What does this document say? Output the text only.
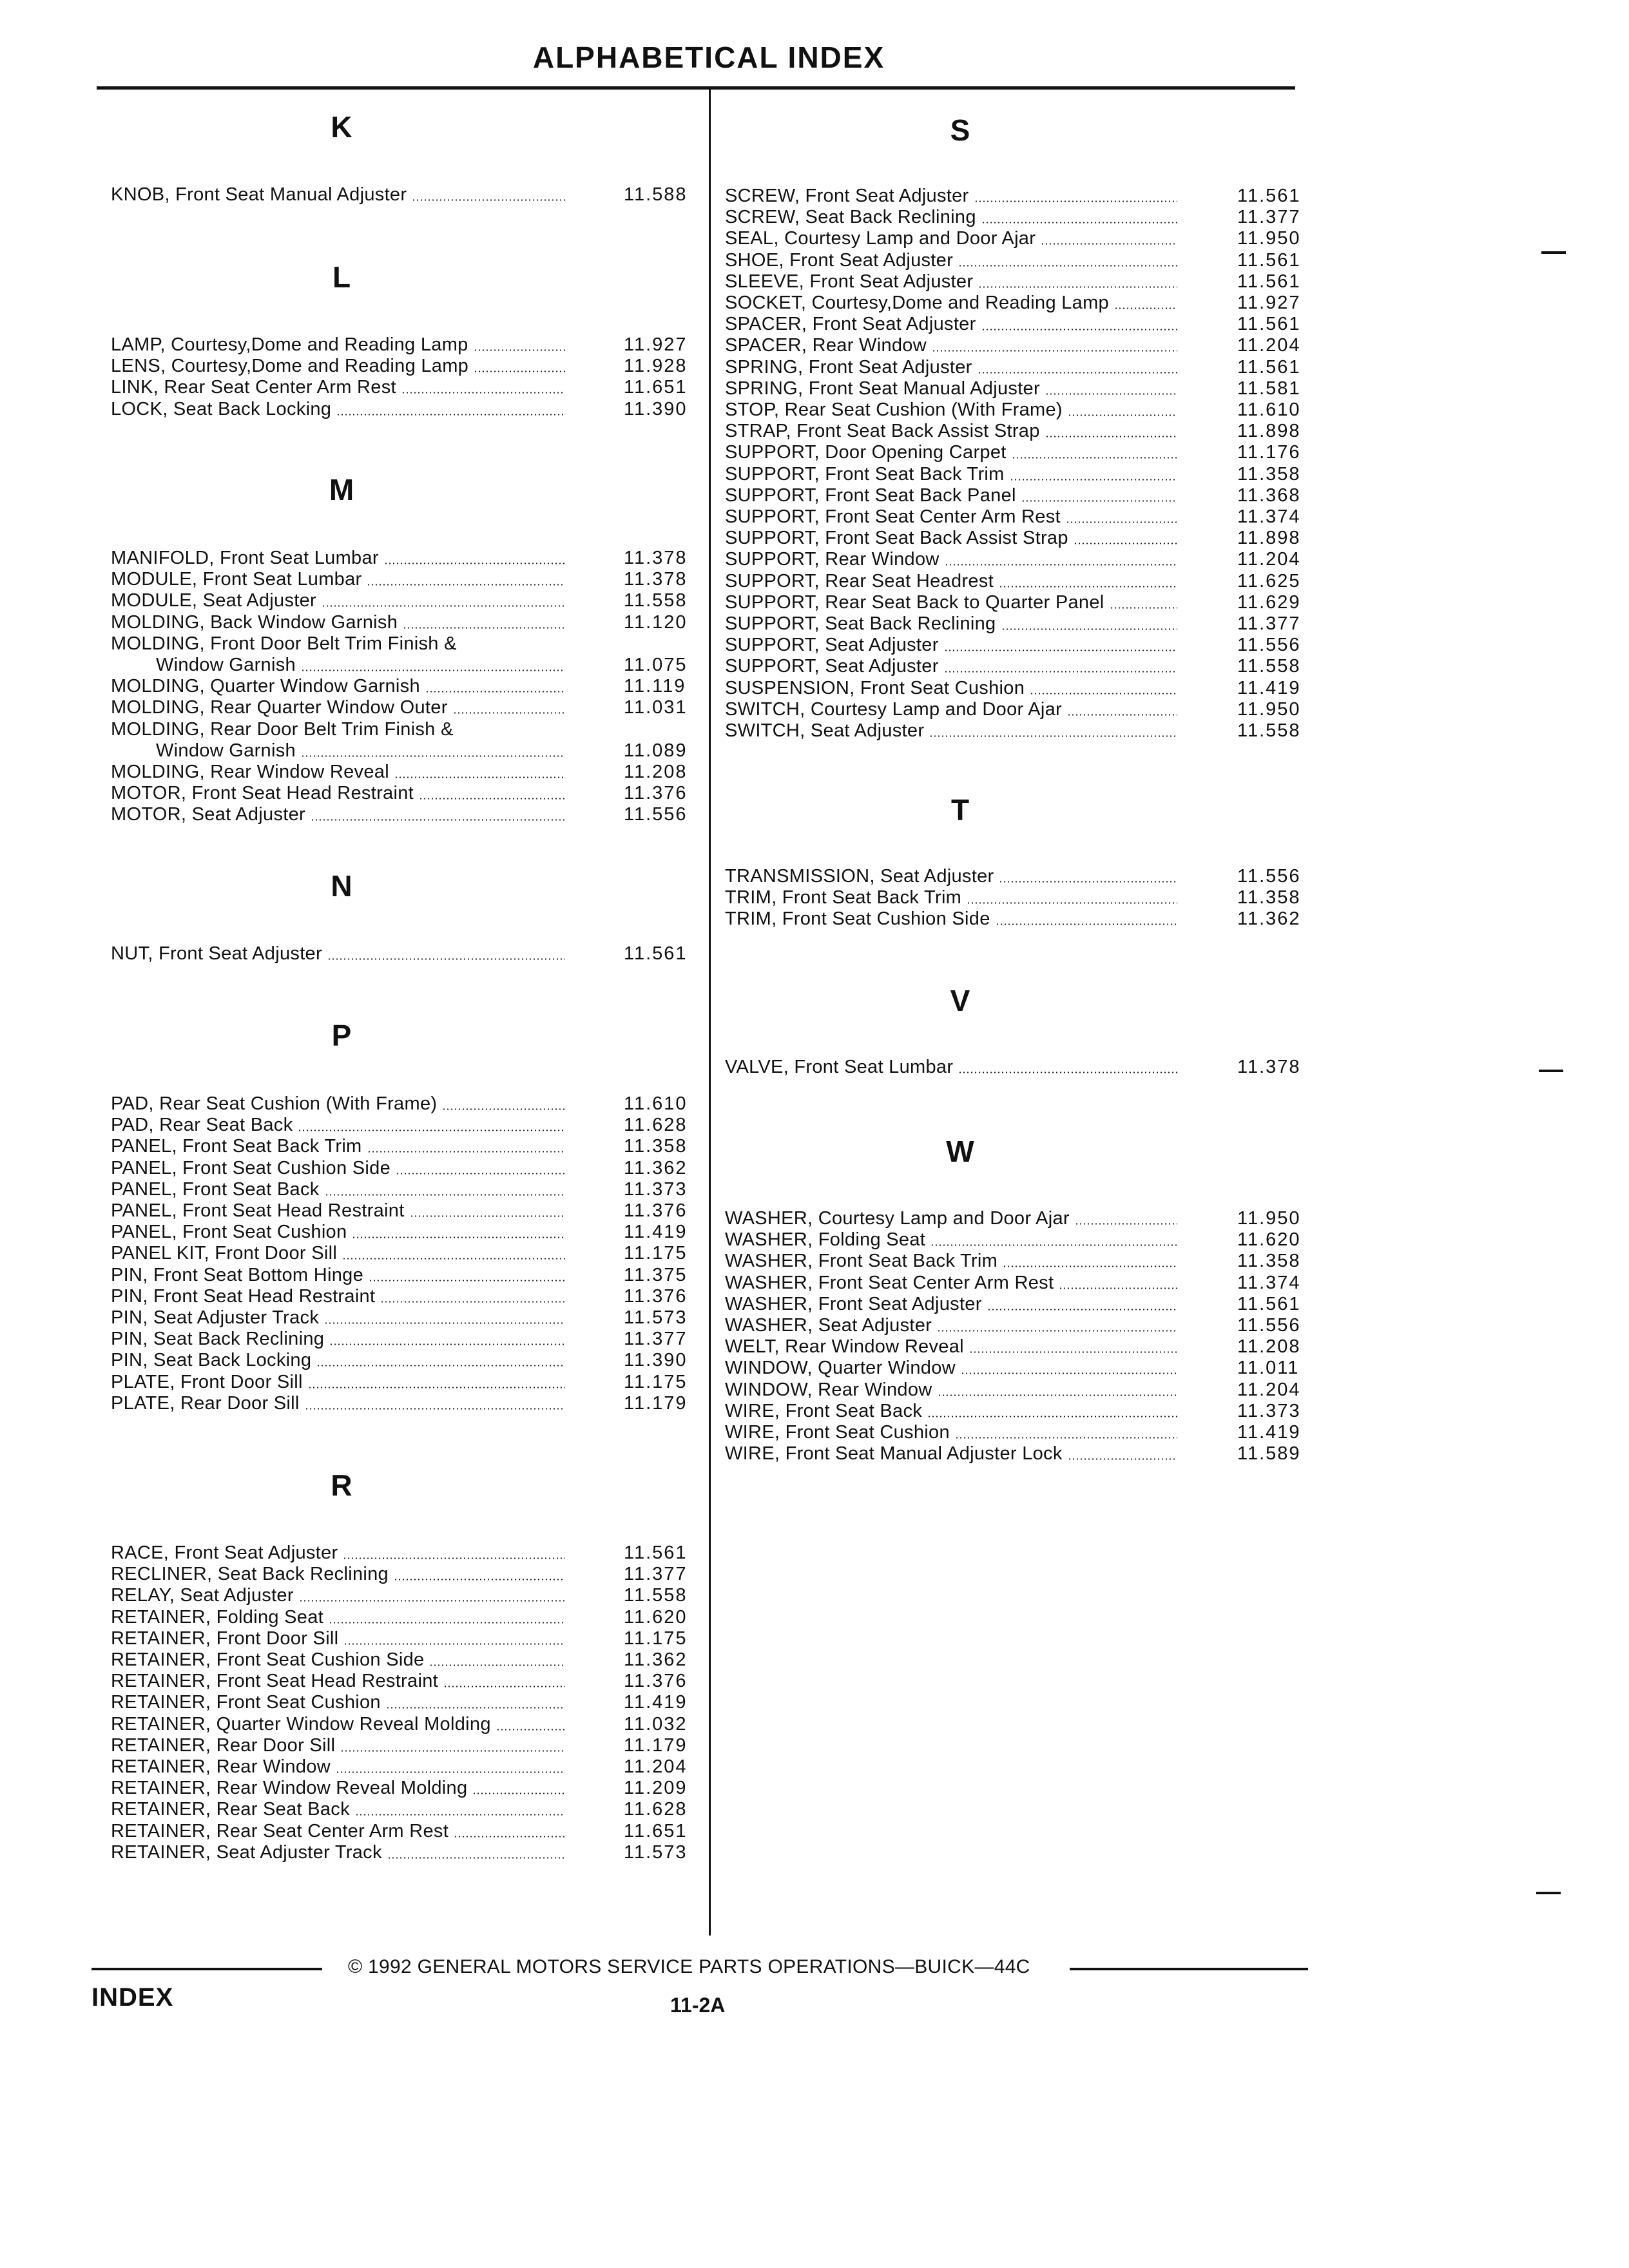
ALPHABETICAL INDEX
K
KNOB, Front Seat Manual Adjuster	11.588
L
LAMP, Courtesy,Dome and Reading Lamp	11.927
LENS, Courtesy,Dome and Reading Lamp	11.928
LINK, Rear Seat Center Arm Rest	11.651
LOCK, Seat Back Locking	11.390
M
MANIFOLD, Front Seat Lumbar	11.378
MODULE, Front Seat Lumbar	11.378
MODULE, Seat Adjuster	11.558
MOLDING, Back Window Garnish	11.120
MOLDING, Front Door Belt Trim Finish &
Window Garnish	11.075
MOLDING, Quarter Window Garnish	11.119
MOLDING, Rear Quarter Window Outer	11.031
MOLDING, Rear Door Belt Trim Finish &
Window Garnish	11.089
MOLDING, Rear Window Reveal	11.208
MOTOR, Front Seat Head Restraint	11.376
MOTOR, Seat Adjuster	11.556
N
NUT, Front Seat Adjuster	11.561
P
PAD, Rear Seat Cushion (With Frame)	11.610
PAD, Rear Seat Back	11.628
PANEL, Front Seat Back Trim	11.358
PANEL, Front Seat Cushion Side	11.362
PANEL, Front Seat Back	11.373
PANEL, Front Seat Head Restraint	11.376
PANEL, Front Seat Cushion	11.419
PANEL KIT, Front Door Sill	11.175
PIN, Front Seat Bottom Hinge	11.375
PIN, Front Seat Head Restraint	11.376
PIN, Seat Adjuster Track	11.573
PIN, Seat Back Reclining	11.377
PIN, Seat Back Locking	11.390
PLATE, Front Door Sill	11.175
PLATE, Rear Door Sill	11.179
R
RACE, Front Seat Adjuster	11.561
RECLINER, Seat Back Reclining	11.377
RELAY, Seat Adjuster	11.558
RETAINER, Folding Seat	11.620
RETAINER, Front Door Sill	11.175
RETAINER, Front Seat Cushion Side	11.362
RETAINER, Front Seat Head Restraint	11.376
RETAINER, Front Seat Cushion	11.419
RETAINER, Quarter Window Reveal Molding	11.032
RETAINER, Rear Door Sill	11.179
RETAINER, Rear Window	11.204
RETAINER, Rear Window Reveal Molding	11.209
RETAINER, Rear Seat Back	11.628
RETAINER, Rear Seat Center Arm Rest	11.651
RETAINER, Seat Adjuster Track	11.573
S
SCREW, Front Seat Adjuster	11.561
SCREW, Seat Back Reclining	11.377
SEAL, Courtesy Lamp and Door Ajar	11.950
SHOE, Front Seat Adjuster	11.561
SLEEVE, Front Seat Adjuster	11.561
SOCKET, Courtesy,Dome and Reading Lamp	11.927
SPACER, Front Seat Adjuster	11.561
SPACER, Rear Window	11.204
SPRING, Front Seat Adjuster	11.561
SPRING, Front Seat Manual Adjuster	11.581
STOP, Rear Seat Cushion (With Frame)	11.610
STRAP, Front Seat Back Assist Strap	11.898
SUPPORT, Door Opening Carpet	11.176
SUPPORT, Front Seat Back Trim	11.358
SUPPORT, Front Seat Back Panel	11.368
SUPPORT, Front Seat Center Arm Rest	11.374
SUPPORT, Front Seat Back Assist Strap	11.898
SUPPORT, Rear Window	11.204
SUPPORT, Rear Seat Headrest	11.625
SUPPORT, Rear Seat Back to Quarter Panel	11.629
SUPPORT, Seat Back Reclining	11.377
SUPPORT, Seat Adjuster	11.556
SUPPORT, Seat Adjuster	11.558
SUSPENSION, Front Seat Cushion	11.419
SWITCH, Courtesy Lamp and Door Ajar	11.950
SWITCH, Seat Adjuster	11.558
T
TRANSMISSION, Seat Adjuster	11.556
TRIM, Front Seat Back Trim	11.358
TRIM, Front Seat Cushion Side	11.362
V
VALVE, Front Seat Lumbar	11.378
W
WASHER, Courtesy Lamp and Door Ajar	11.950
WASHER, Folding Seat	11.620
WASHER, Front Seat Back Trim	11.358
WASHER, Front Seat Center Arm Rest	11.374
WASHER, Front Seat Adjuster	11.561
WASHER, Seat Adjuster	11.556
WELT, Rear Window Reveal	11.208
WINDOW, Quarter Window	11.011
WINDOW, Rear Window	11.204
WIRE, Front Seat Back	11.373
WIRE, Front Seat Cushion	11.419
WIRE, Front Seat Manual Adjuster Lock	11.589
© 1992 GENERAL MOTORS SERVICE PARTS OPERATIONS—BUICK—44C
INDEX	11-2A
